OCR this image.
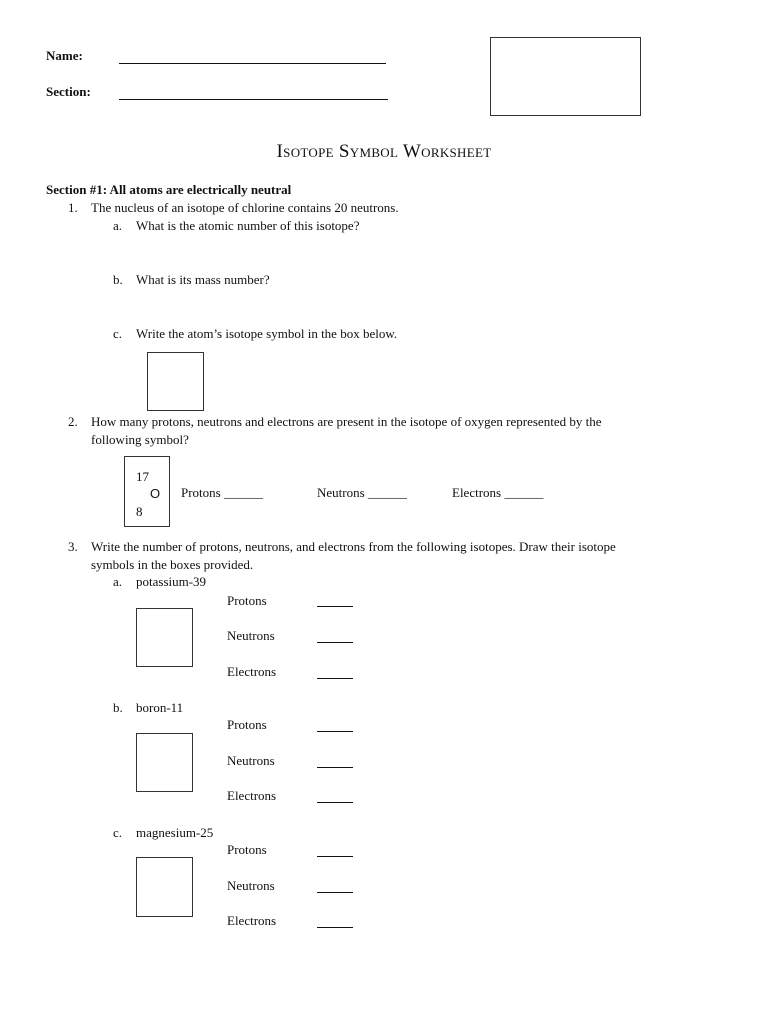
Name:
Section:
Isotope Symbol Worksheet
Section #1: All atoms are electrically neutral
1. The nucleus of an isotope of chlorine contains 20 neutrons.
a. What is the atomic number of this isotope?
b. What is its mass number?
c. Write the atom’s isotope symbol in the box below.
2. How many protons, neutrons and electrons are present in the isotope of oxygen represented by the
following symbol?
17
O
8
Protons ______	Neutrons ______	Electrons ______
3. Write the number of protons, neutrons, and electrons from the following isotopes. Draw their isotope
symbols in the boxes provided.
a. potassium-39
Protons
Neutrons
Electrons
b. boron-11
Protons
Neutrons
Electrons
c. magnesium-25
Protons
Neutrons
Electrons
